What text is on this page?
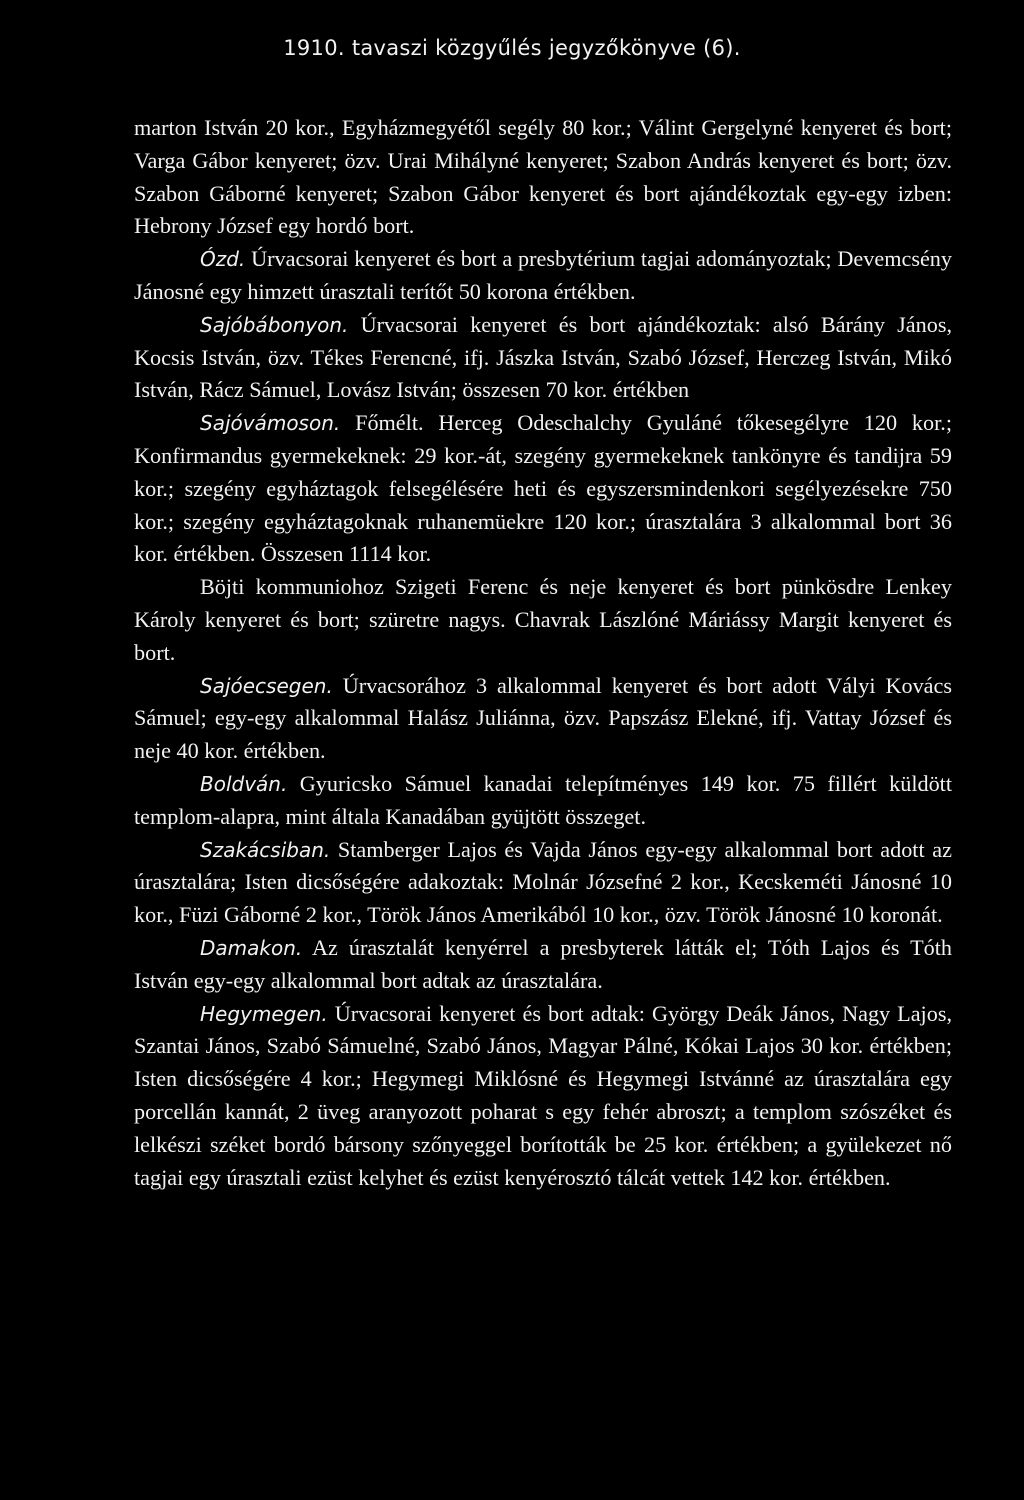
1910. tavaszi közgyűlés jegyzőkönyve (6).

marton István 20 kor., Egyházmegyétől segély 80 kor.; Válint Gergelyné kenyeret és bort; Varga Gábor kenyeret; özv. Urai Mihályné kenyeret; Szabon András kenyeret és bort; özv. Szabon Gáborné kenyeret; Szabon Gábor kenyeret és bort ajándékoztak egy-egy izben: Hebrony József egy hordó bort.

Ózd. Úrvacsorai kenyeret és bort a presbytérium tagjai adományoztak; Devemcsény Jánosné egy himzett úrasztali terítőt 50 korona értékben.

Sajóbábonyon. Úrvacsorai kenyeret és bort ajándékoztak: alsó Bárány János, Kocsis István, özv. Tékes Ferencné, ifj. Jászka István, Szabó József, Herczeg István, Mikó István, Rácz Sámuel, Lovász István; összesen 70 kor. értékben

Sajóvámoson. Főmélt. Herceg Odeschalchy Gyuláné tőkesegélyre 120 kor.; Konfirmandus gyermekeknek: 29 kor.-át, szegény gyermekeknek tankönyre és tandijra 59 kor.; szegény egyháztagok felsegélésére heti és egyszersmindenkori segélyezésekre 750 kor.; szegény egyháztagoknak ruhanemüekre 120 kor.; úrasztalára 3 alkalommal bort 36 kor. értékben. Összesen 1114 kor.

Böjti kommuniohoz Szigeti Ferenc és neje kenyeret és bort pünkösdre Lenkey Károly kenyeret és bort; szüretre nagys. Chavrak Lászlóné Máriássy Margit kenyeret és bort.

Sajóecsegen. Úrvacsorához 3 alkalommal kenyeret és bort adott Vályi Kovács Sámuel; egy-egy alkalommal Halász Juliánna, özv. Papszász Elekné, ifj. Vattay József és neje 40 kor. értékben.

Boldván. Gyuricsko Sámuel kanadai telepítményes 149 kor. 75 fillért küldött templom-alapra, mint általa Kanadában gyüjtött összeget.

Szakácsiban. Stamberger Lajos és Vajda János egy-egy alkalommal bort adott az úrasztalára; Isten dicsőségére adakoztak: Molnár Józsefné 2 kor., Kecskeméti Jánosné 10 kor., Füzi Gáborné 2 kor., Török János Amerikából 10 kor., özv. Török Jánosné 10 koronát.

Damakon. Az úrasztalát kenyérrel a presbyterek látták el; Tóth Lajos és Tóth István egy-egy alkalommal bort adtak az úrasztalára.

Hegymegen. Úrvacsorai kenyeret és bort adtak: György Deák János, Nagy Lajos, Szantai János, Szabó Sámuelné, Szabó János, Magyar Pálné, Kókai Lajos 30 kor. értékben; Isten dicsőségére 4 kor.; Hegymegi Miklósné és Hegymegi Istvánné az úrasztalára egy porcellán kannát, 2 üveg aranyozott poharat s egy fehér abroszt; a templom szószéket és lelkészi széket bordó bársony szőnyeggel borították be 25 kor. értékben; a gyülekezet nő tagjai egy úrasztali ezüst kelyhet és ezüst kenyérosztó tálcát vettek 142 kor. értékben.
